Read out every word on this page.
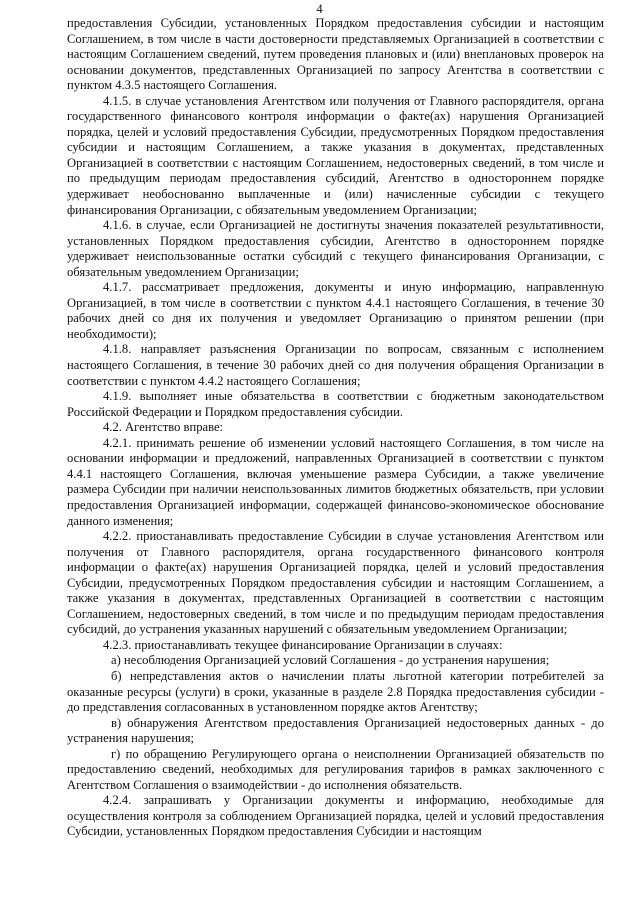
4

предоставления Субсидии, установленных Порядком предоставления субсидии и настоящим Соглашением, в том числе в части достоверности представляемых Организацией в соответствии с настоящим Соглашением сведений, путем проведения плановых и (или) внеплановых проверок на основании документов, представленных Организацией по запросу Агентства в соответствии с пунктом 4.3.5 настоящего Соглашения.

4.1.5. в случае установления Агентством или получения от Главного распорядителя, органа государственного финансового контроля информации о факте(ах) нарушения Организацией порядка, целей и условий предоставления Субсидии, предусмотренных Порядком предоставления субсидии и настоящим Соглашением, а также указания в документах, представленных Организацией в соответствии с настоящим Соглашением, недостоверных сведений, в том числе и по предыдущим периодам предоставления субсидий, Агентство в одностороннем порядке удерживает необоснованно выплаченные и (или) начисленные субсидии с текущего финансирования Организации, с обязательным уведомлением Организации;

4.1.6. в случае, если Организацией не достигнуты значения показателей результативности, установленных Порядком предоставления субсидии, Агентство в одностороннем порядке удерживает неиспользованные остатки субсидий с текущего финансирования Организации, с обязательным уведомлением Организации;

4.1.7. рассматривает предложения, документы и иную информацию, направленную Организацией, в том числе в соответствии с пунктом 4.4.1 настоящего Соглашения, в течение 30 рабочих дней со дня их получения и уведомляет Организацию о принятом решении (при необходимости);

4.1.8. направляет разъяснения Организации по вопросам, связанным с исполнением настоящего Соглашения, в течение 30 рабочих дней со дня получения обращения Организации в соответствии с пунктом 4.4.2 настоящего Соглашения;

4.1.9. выполняет иные обязательства в соответствии с бюджетным законодательством Российской Федерации и Порядком предоставления субсидии.

4.2. Агентство вправе:

4.2.1. принимать решение об изменении условий настоящего Соглашения, в том числе на основании информации и предложений, направленных Организацией в соответствии с пунктом 4.4.1 настоящего Соглашения, включая уменьшение размера Субсидии, а также увеличение размера Субсидии при наличии неиспользованных лимитов бюджетных обязательств, при условии предоставления Организацией информации, содержащей финансово-экономическое обоснование данного изменения;

4.2.2. приостанавливать предоставление Субсидии в случае установления Агентством или получения от Главного распорядителя, органа государственного финансового контроля информации о факте(ах) нарушения Организацией порядка, целей и условий предоставления Субсидии, предусмотренных Порядком предоставления субсидии и настоящим Соглашением, а также указания в документах, представленных Организацией в соответствии с настоящим Соглашением, недостоверных сведений, в том числе и по предыдущим периодам предоставления субсидий, до устранения указанных нарушений с обязательным уведомлением Организации;

4.2.3. приостанавливать текущее финансирование Организации в случаях:

а) несоблюдения Организацией условий Соглашения - до устранения нарушения;

б) непредставления актов о начислении платы льготной категории потребителей за оказанные ресурсы (услуги) в сроки, указанные в разделе 2.8 Порядка предоставления субсидии - до представления согласованных в установленном порядке актов Агентству;

в) обнаружения Агентством предоставления Организацией недостоверных данных - до устранения нарушения;

г) по обращению Регулирующего органа о неисполнении Организацией обязательств по предоставлению сведений, необходимых для регулирования тарифов в рамках заключенного с Агентством Соглашения о взаимодействии - до исполнения обязательств.

4.2.4. запрашивать у Организации документы и информацию, необходимые для осуществления контроля за соблюдением Организацией порядка, целей и условий предоставления Субсидии, установленных Порядком предоставления Субсидии и настоящим
